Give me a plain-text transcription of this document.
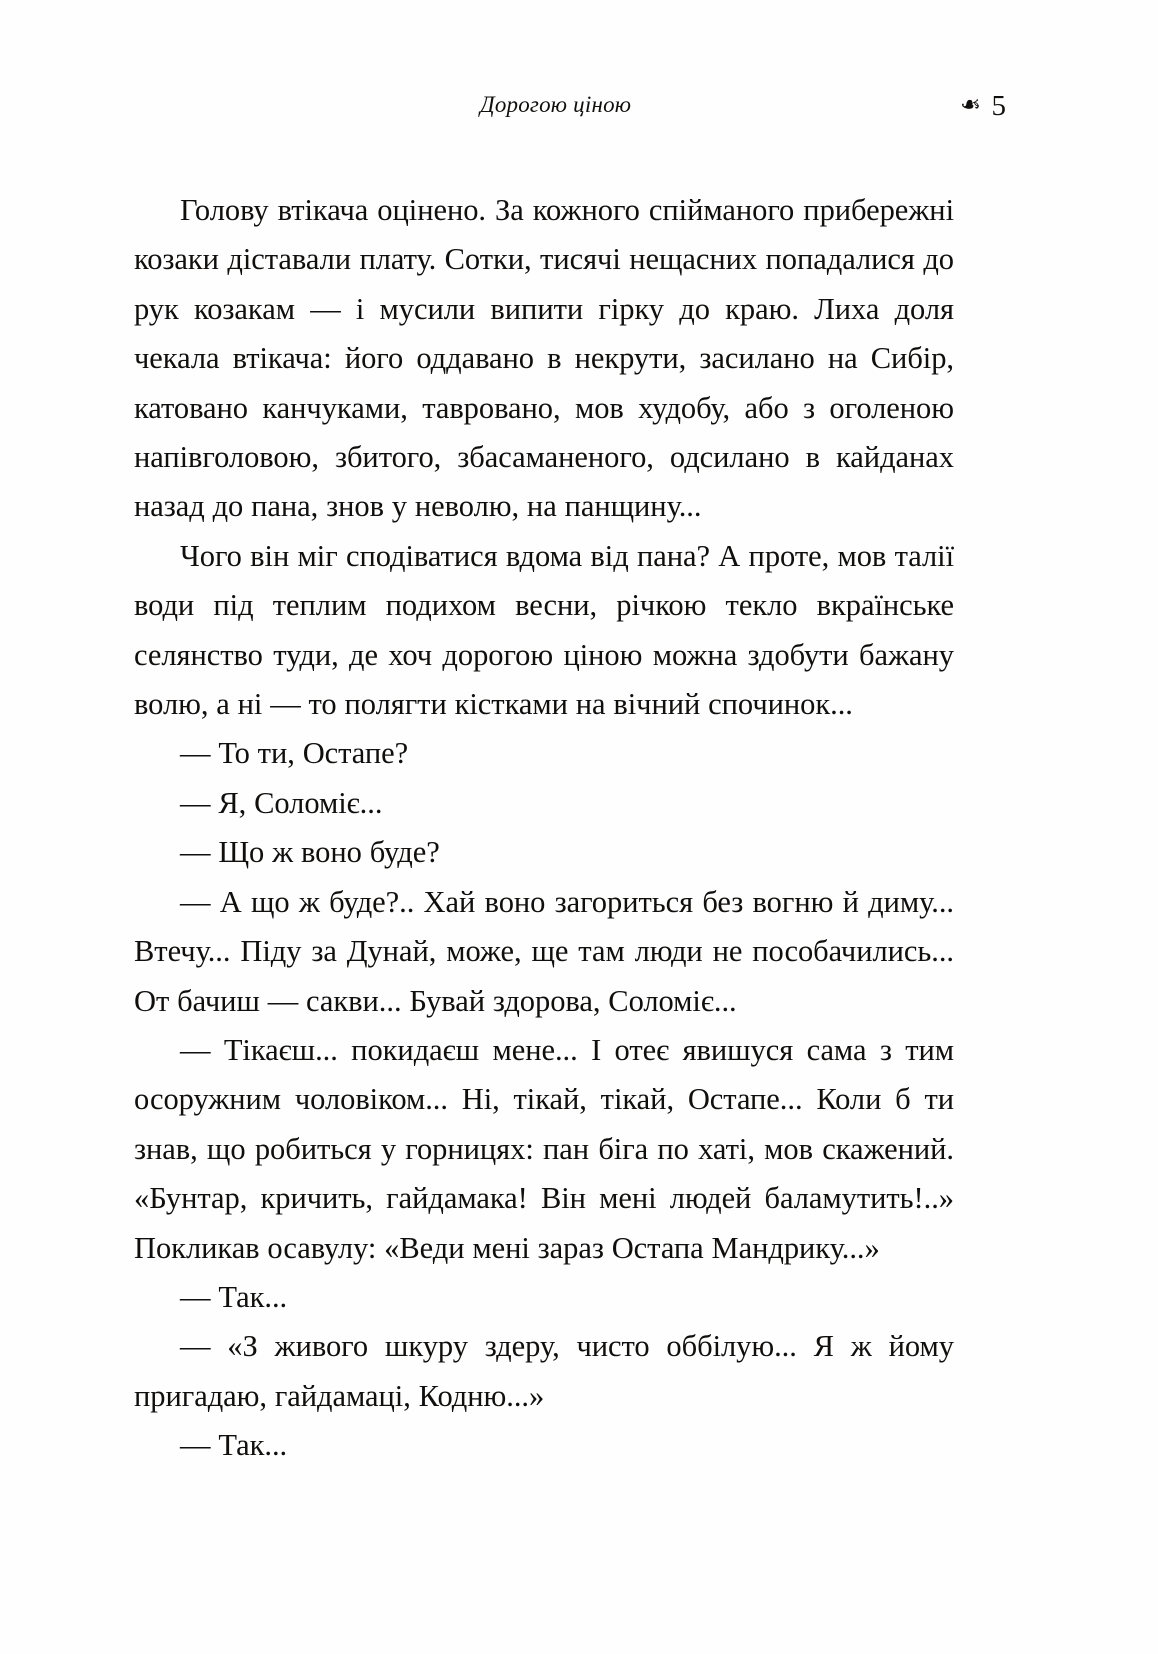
Дорогою ціною	❧ 5

Голову втікача оцінено. За кожного спійманого прибережні козаки діставали плату. Сотки, тисячі нещасних попадалися до рук козакам — і мусили випити гірку до краю. Лиха доля чекала втікача: його оддавано в некрути, засилано на Сибір, катовано канчуками, тавровано, мов худобу, або з оголеною напівголовою, збитого, збасаманеного, одсилано в кайданах назад до пана, знов у неволю, на панщину...

Чого він міг сподіватися вдома від пана? А проте, мов талії води під теплим подихом весни, річкою текло вкраїнське селянство туди, де хоч дорогою ціною можна здобути бажану волю, а ні — то полягти кістками на вічний спочинок...

— То ти, Остапе?

— Я, Соломіє...

— Що ж воно буде?

— А що ж буде?.. Хай воно загориться без вогню й диму... Втечу... Піду за Дунай, може, ще там люди не пособачились... От бачиш — сакви... Бувай здорова, Соломіє...

— Тікаєш... покидаєш мене... І отеє явишуся сама з тим осоружним чоловіком... Ні, тікай, тікай, Остапе... Коли б ти знав, що робиться у горницях: пан біга по хаті, мов скажений. «Бунтар, кричить, гайдамака! Він мені людей баламутить!..» Покликав осавулу: «Веди мені зараз Остапа Мандрику...»

— Так...

— «З живого шкуру здеру, чисто оббілую... Я ж йому пригадаю, гайдамаці, Кодню...»

— Так...
